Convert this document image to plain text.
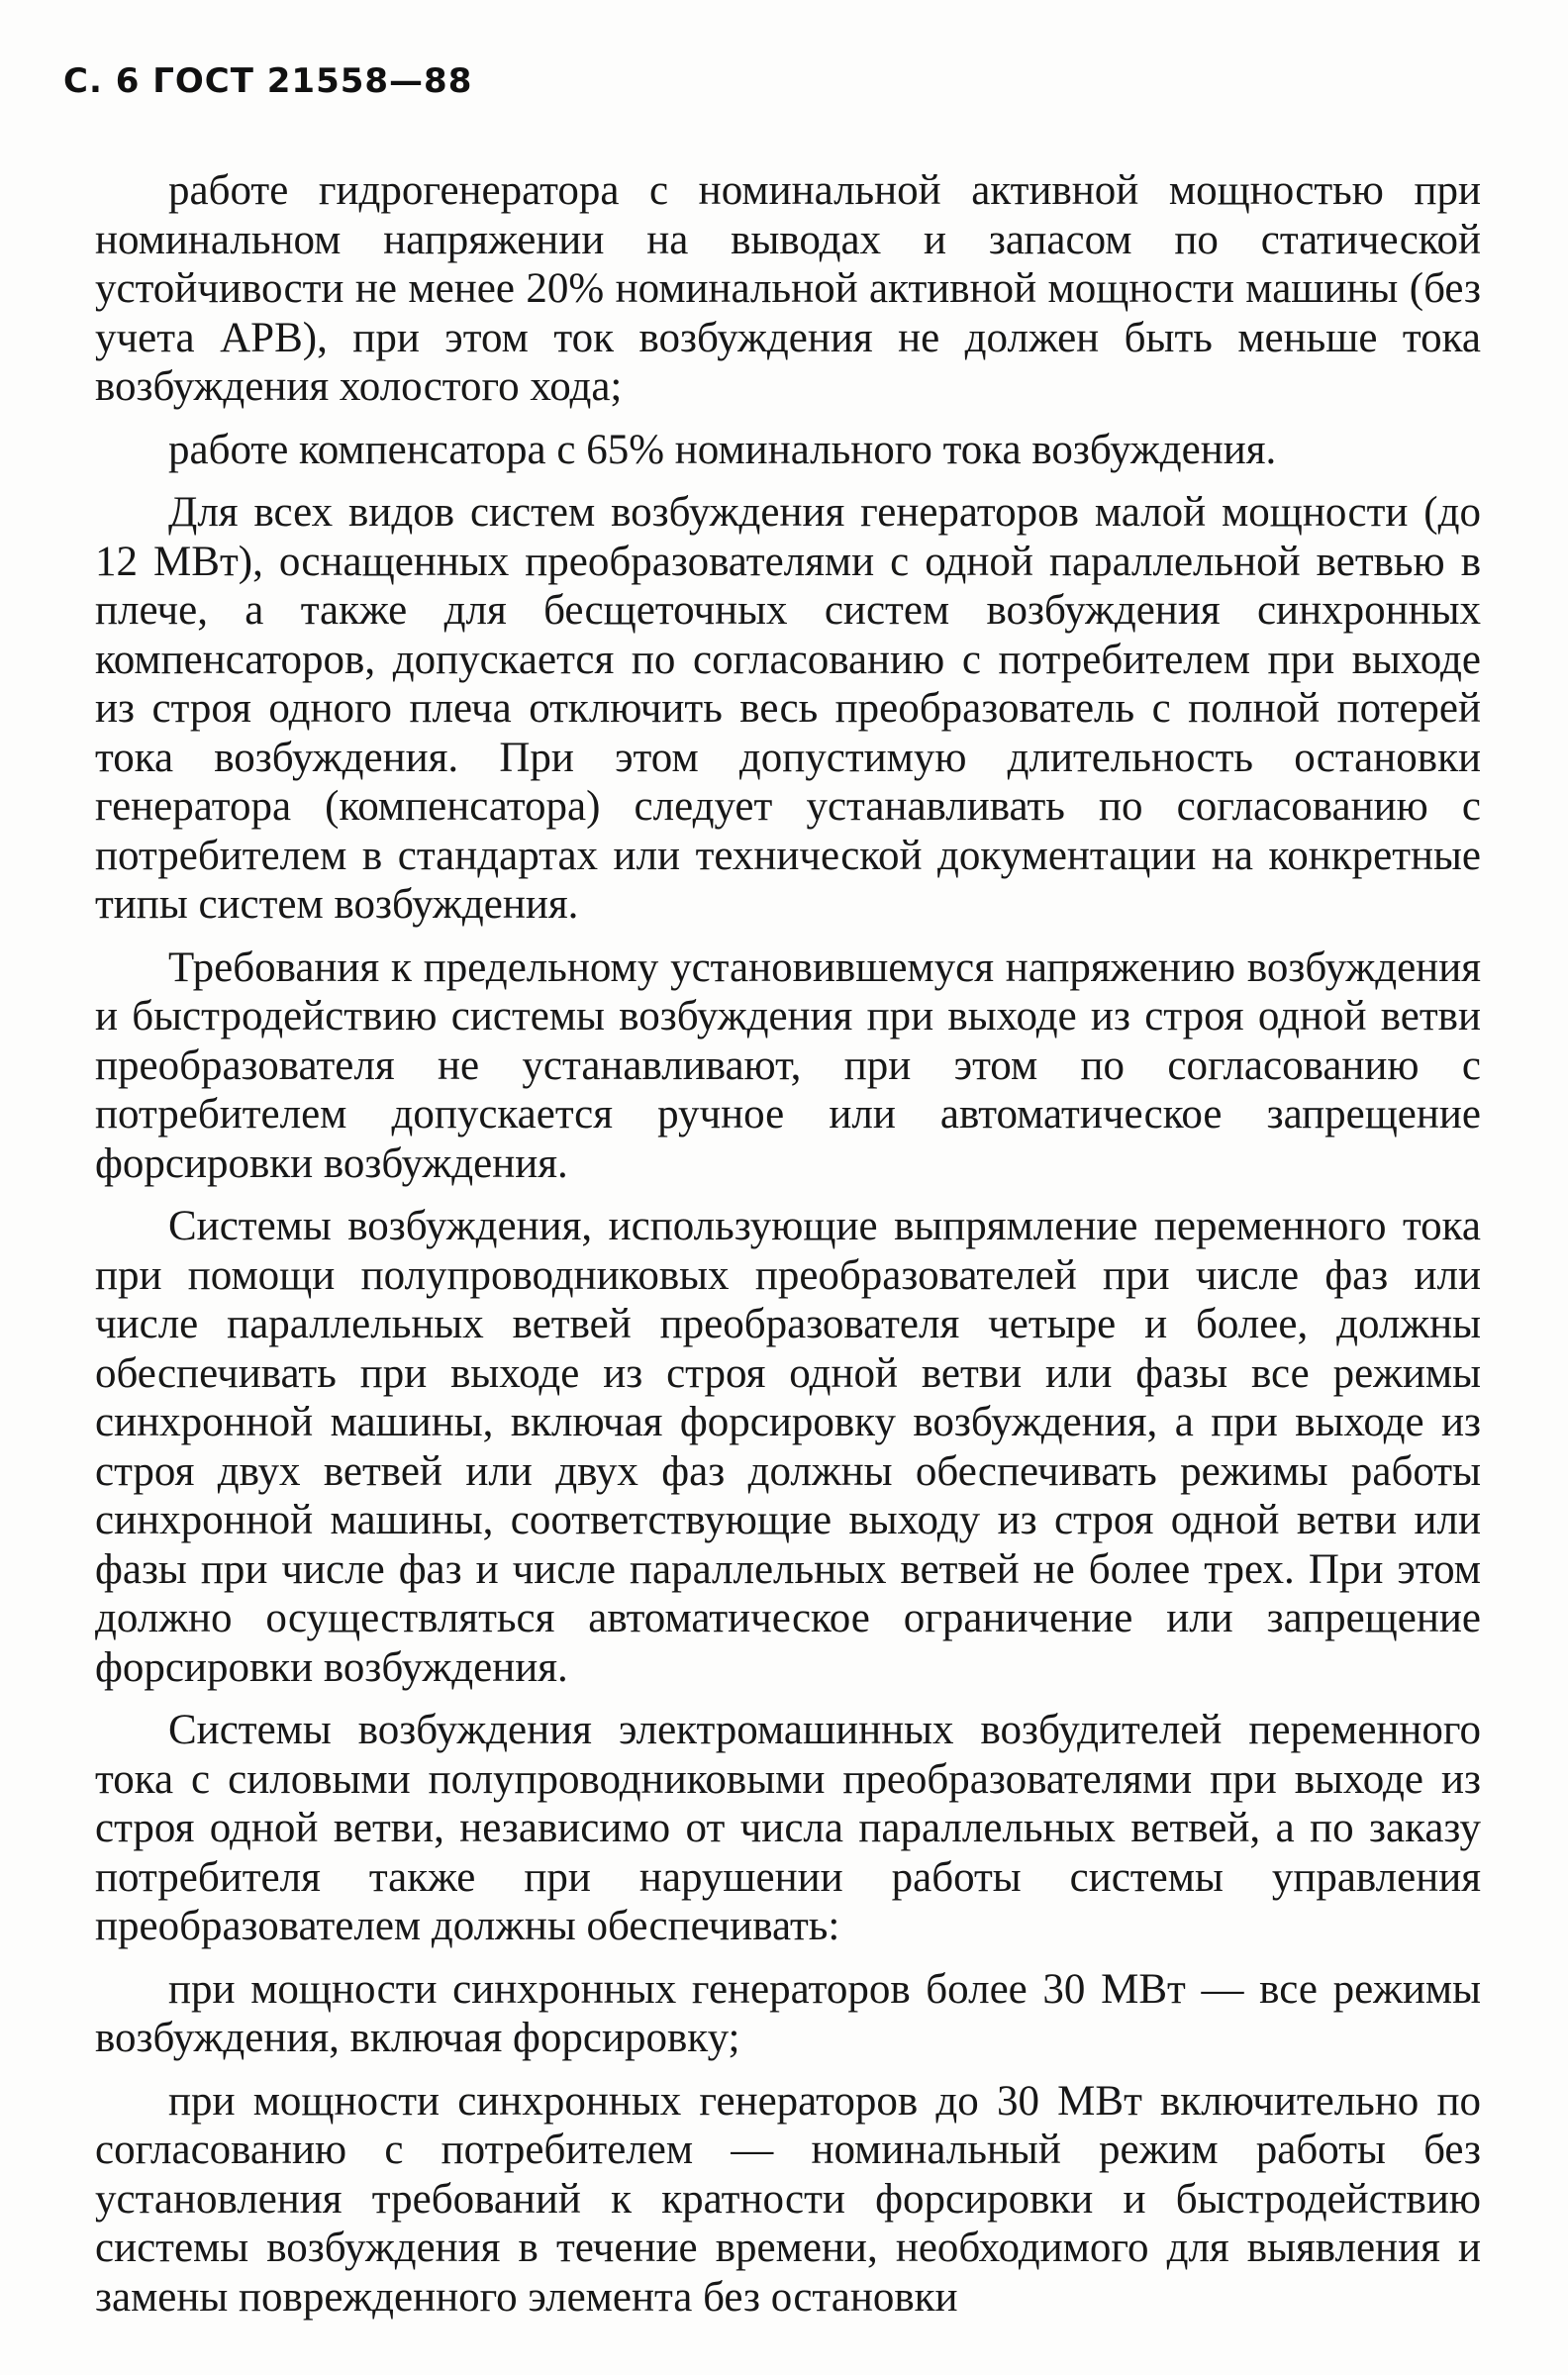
С. 6 ГОСТ 21558—88

работе гидрогенератора с номинальной активной мощностью при номинальном напряжении на выводах и запасом по статической устойчивости не менее 20% номинальной активной мощности машины (без учета АРВ), при этом ток возбуждения не должен быть меньше тока возбуждения холостого хода;

работе компенсатора с 65% номинального тока возбуждения.

Для всех видов систем возбуждения генераторов малой мощности (до 12 МВт), оснащенных преобразователями с одной параллельной ветвью в плече, а также для бесщеточных систем возбуждения синхронных компенсаторов, допускается по согласованию с потребителем при выходе из строя одного плеча отключить весь преобразователь с полной потерей тока возбуждения. При этом допустимую длительность остановки генератора (компенсатора) следует устанавливать по согласованию с потребителем в стандартах или технической документации на конкретные типы систем возбуждения.

Требования к предельному установившемуся напряжению возбуждения и быстродействию системы возбуждения при выходе из строя одной ветви преобразователя не устанавливают, при этом по согласованию с потребителем допускается ручное или автоматическое запрещение форсировки возбуждения.

Системы возбуждения, использующие выпрямление переменного тока при помощи полупроводниковых преобразователей при числе фаз или числе параллельных ветвей преобразователя четыре и более, должны обеспечивать при выходе из строя одной ветви или фазы все режимы синхронной машины, включая форсировку возбуждения, а при выходе из строя двух ветвей или двух фаз должны обеспечивать режимы работы синхронной машины, соответствующие выходу из строя одной ветви или фазы при числе фаз и числе параллельных ветвей не более трех. При этом должно осуществляться автоматическое ограничение или запрещение форсировки возбуждения.

Системы возбуждения электромашинных возбудителей переменного тока с силовыми полупроводниковыми преобразователями при выходе из строя одной ветви, независимо от числа параллельных ветвей, а по заказу потребителя также при нарушении работы системы управления преобразователем должны обеспечивать:

при мощности синхронных генераторов более 30 МВт — все режимы возбуждения, включая форсировку;

при мощности синхронных генераторов до 30 МВт включительно по согласованию с потребителем — номинальный режим работы без установления требований к кратности форсировки и быстродействию системы возбуждения в течение времени, необходимого для выявления и замены поврежденного элемента без остановки
